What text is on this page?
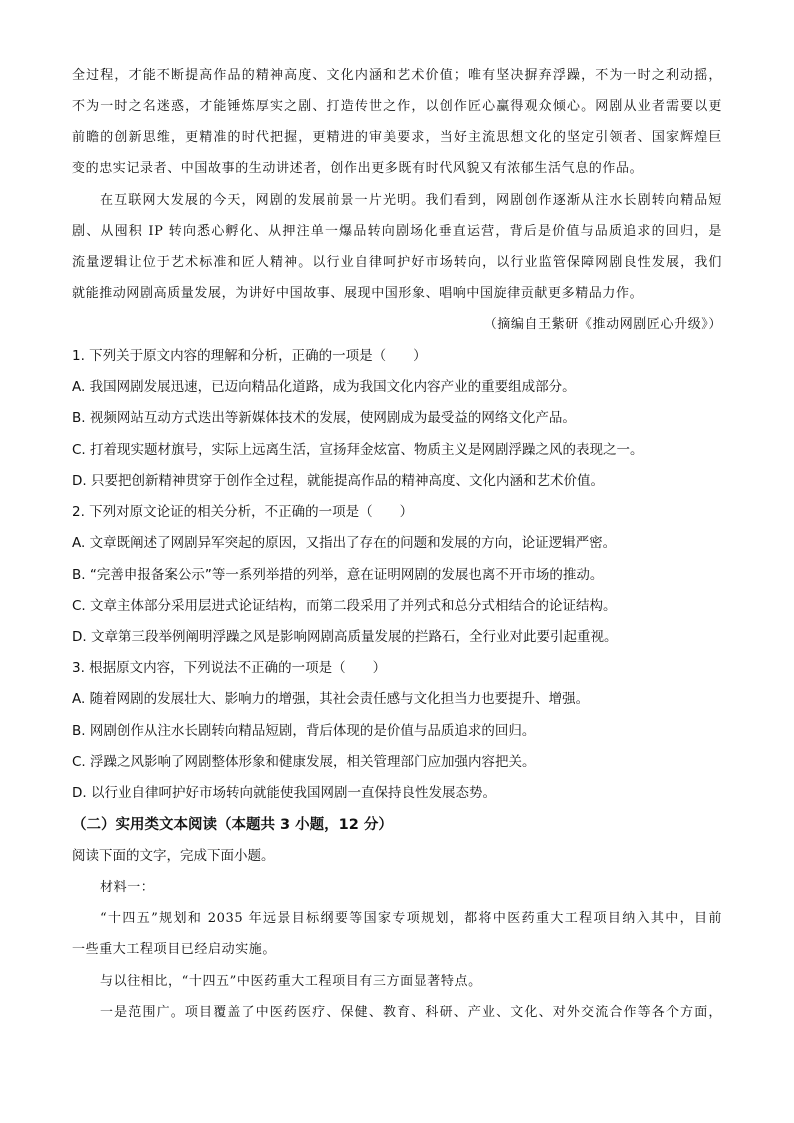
全过程，才能不断提高作品的精神高度、文化内涵和艺术价值；唯有坚决摒弃浮躁，不为一时之利动摇，
不为一时之名迷惑，才能锤炼厚实之剧、打造传世之作，以创作匠心赢得观众倾心。网剧从业者需要以更
前瞻的创新思维，更精准的时代把握，更精进的审美要求，当好主流思想文化的坚定引领者、国家辉煌巨
变的忠实记录者、中国故事的生动讲述者，创作出更多既有时代风貌又有浓郁生活气息的作品。
在互联网大发展的今天，网剧的发展前景一片光明。我们看到，网剧创作逐渐从注水长剧转向精品短
剧、从囤积 IP 转向悉心孵化、从押注单一爆品转向剧场化垂直运营，背后是价值与品质追求的回归，是
流量逻辑让位于艺术标准和匠人精神。以行业自律呵护好市场转向，以行业监管保障网剧良性发展，我们
就能推动网剧高质量发展，为讲好中国故事、展现中国形象、唱响中国旋律贡献更多精品力作。
（摘编自王紫研《推动网剧匠心升级》）
1. 下列关于原文内容的理解和分析，正确的一项是（　　）
A. 我国网剧发展迅速，已迈向精品化道路，成为我国文化内容产业的重要组成部分。
B. 视频网站互动方式迭出等新媒体技术的发展，使网剧成为最受益的网络文化产品。
C. 打着现实题材旗号，实际上远离生活，宣扬拜金炫富、物质主义是网剧浮躁之风的表现之一。
D. 只要把创新精神贯穿于创作全过程，就能提高作品的精神高度、文化内涵和艺术价值。
2. 下列对原文论证的相关分析，不正确的一项是（　　）
A. 文章既阐述了网剧异军突起的原因，又指出了存在的问题和发展的方向，论证逻辑严密。
B. “完善申报备案公示”等一系列举措的列举，意在证明网剧的发展也离不开市场的推动。
C. 文章主体部分采用层进式论证结构，而第二段采用了并列式和总分式相结合的论证结构。
D. 文章第三段举例阐明浮躁之风是影响网剧高质量发展的拦路石，全行业对此要引起重视。
3. 根据原文内容，下列说法不正确的一项是（　　）
A. 随着网剧的发展壮大、影响力的增强，其社会责任感与文化担当力也要提升、增强。
B. 网剧创作从注水长剧转向精品短剧，背后体现的是价值与品质追求的回归。
C. 浮躁之风影响了网剧整体形象和健康发展，相关管理部门应加强内容把关。
D. 以行业自律呵护好市场转向就能使我国网剧一直保持良性发展态势。
（二）实用类文本阅读（本题共 3 小题，12 分）
阅读下面的文字，完成下面小题。
材料一：
“十四五”规划和 2035 年远景目标纲要等国家专项规划，都将中医药重大工程项目纳入其中，目前
一些重大工程项目已经启动实施。
与以往相比，“十四五”中医药重大工程项目有三方面显著特点。
一是范围广。项目覆盖了中医药医疗、保健、教育、科研、产业、文化、对外交流合作等各个方面，
